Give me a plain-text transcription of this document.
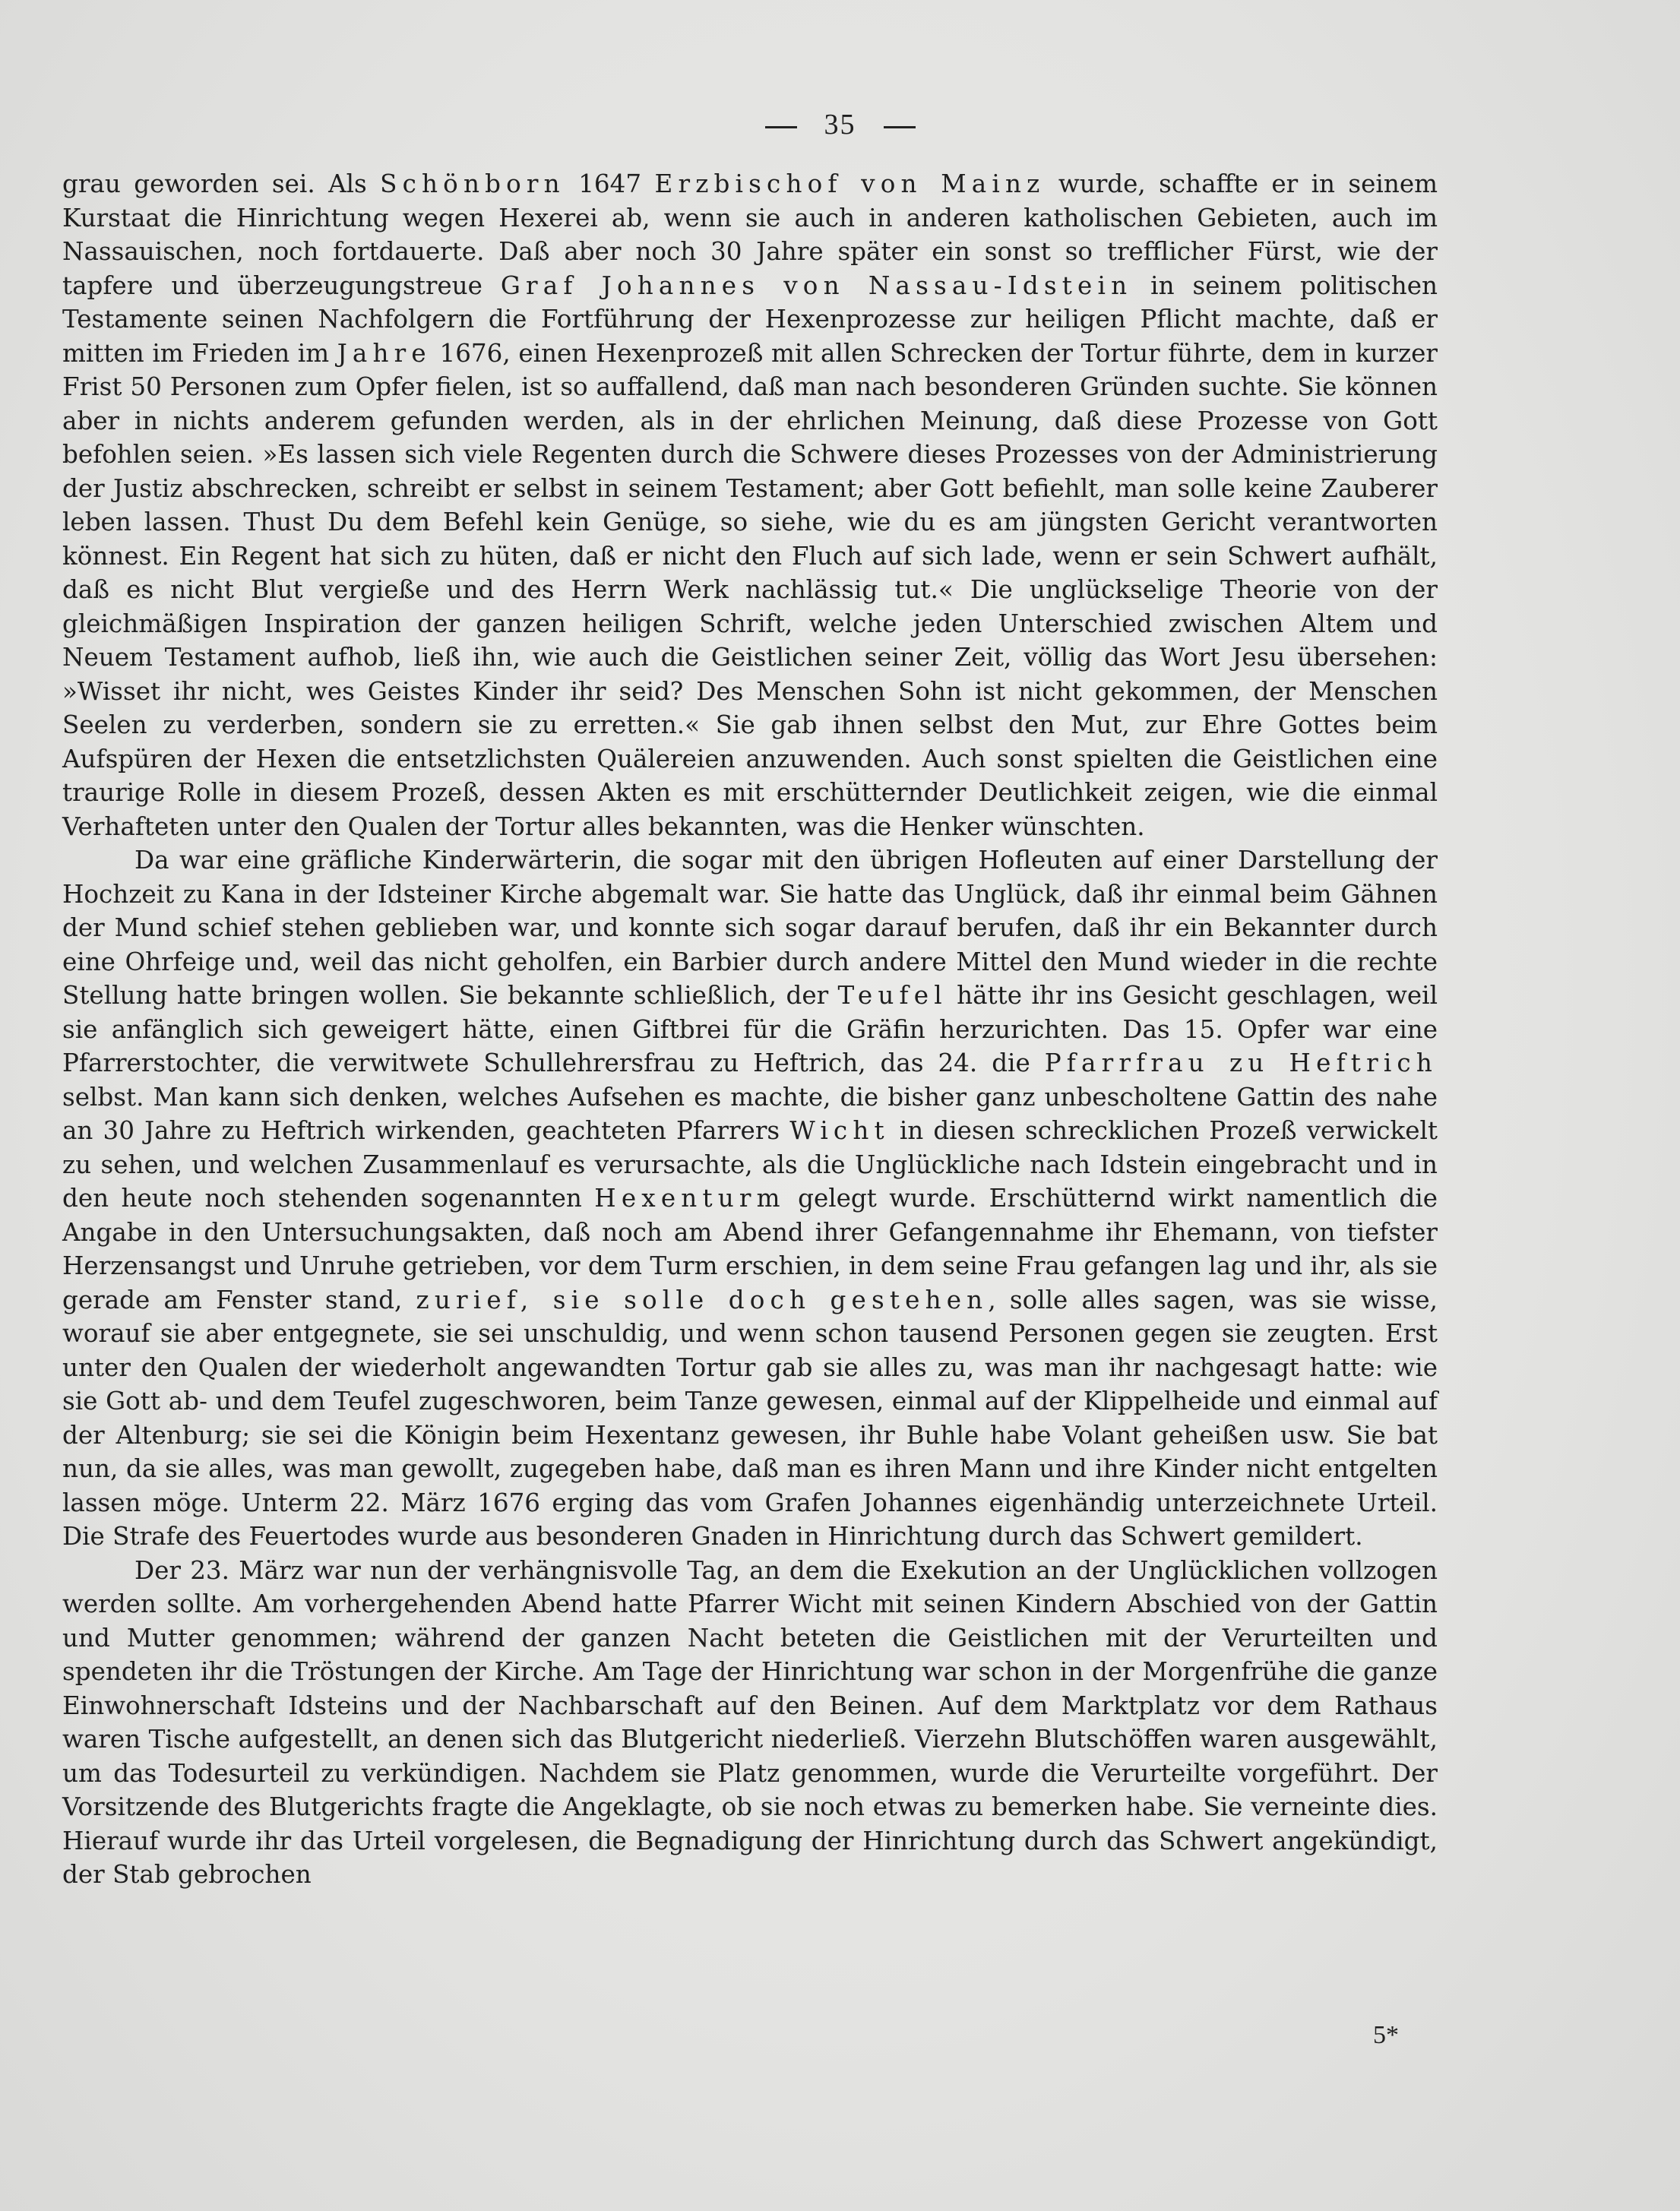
35

grau geworden sei. Als Schönborn 1647 Erzbischof von Mainz wurde, schaffte er in seinem Kurstaat die Hinrichtung wegen Hexerei ab, wenn sie auch in anderen katholischen Gebieten, auch im Nassauischen, noch fortdauerte. Daß aber noch 30 Jahre später ein sonst so trefflicher Fürst, wie der tapfere und überzeugungstreue Graf Johannes von Nassau-Idstein in seinem politischen Testamente seinen Nachfolgern die Fortführung der Hexenprozesse zur heiligen Pflicht machte, daß er mitten im Frieden im Jahre 1676, einen Hexenprozeß mit allen Schrecken der Tortur führte, dem in kurzer Frist 50 Personen zum Opfer fielen, ist so auffallend, daß man nach besonderen Gründen suchte. Sie können aber in nichts anderem gefunden werden, als in der ehrlichen Meinung, daß diese Prozesse von Gott befohlen seien. »Es lassen sich viele Regenten durch die Schwere dieses Prozesses von der Administrierung der Justiz abschrecken, schreibt er selbst in seinem Testament; aber Gott befiehlt, man solle keine Zauberer leben lassen. Thust Du dem Befehl kein Genüge, so siehe, wie du es am jüngsten Gericht verantworten könnest. Ein Regent hat sich zu hüten, daß er nicht den Fluch auf sich lade, wenn er sein Schwert aufhält, daß es nicht Blut vergieße und des Herrn Werk nachlässig tut.« Die unglückselige Theorie von der gleichmäßigen Inspiration der ganzen heiligen Schrift, welche jeden Unterschied zwischen Altem und Neuem Testament aufhob, ließ ihn, wie auch die Geistlichen seiner Zeit, völlig das Wort Jesu übersehen: »Wisset ihr nicht, wes Geistes Kinder ihr seid? Des Menschen Sohn ist nicht gekommen, der Menschen Seelen zu verderben, sondern sie zu erretten.« Sie gab ihnen selbst den Mut, zur Ehre Gottes beim Aufspüren der Hexen die entsetzlichsten Quälereien anzuwenden. Auch sonst spielten die Geistlichen eine traurige Rolle in diesem Prozeß, dessen Akten es mit erschütternder Deutlichkeit zeigen, wie die einmal Verhafteten unter den Qualen der Tortur alles bekannten, was die Henker wünschten.

Da war eine gräfliche Kinderwärterin, die sogar mit den übrigen Hofleuten auf einer Darstellung der Hochzeit zu Kana in der Idsteiner Kirche abgemalt war. Sie hatte das Unglück, daß ihr einmal beim Gähnen der Mund schief stehen geblieben war, und konnte sich sogar darauf berufen, daß ihr ein Bekannter durch eine Ohrfeige und, weil das nicht geholfen, ein Barbier durch andere Mittel den Mund wieder in die rechte Stellung hatte bringen wollen. Sie bekannte schließlich, der Teufel hätte ihr ins Gesicht geschlagen, weil sie anfänglich sich geweigert hätte, einen Giftbrei für die Gräfin herzurichten. Das 15. Opfer war eine Pfarrerstochter, die verwitwete Schullehrersfrau zu Heftrich, das 24. die Pfarrfrau zu Heftrich selbst. Man kann sich denken, welches Aufsehen es machte, die bisher ganz unbescholtene Gattin des nahe an 30 Jahre zu Heftrich wirkenden, geachteten Pfarrers Wicht in diesen schrecklichen Prozeß verwickelt zu sehen, und welchen Zusammenlauf es verursachte, als die Unglückliche nach Idstein eingebracht und in den heute noch stehenden sogenannten Hexenturm gelegt wurde. Erschütternd wirkt namentlich die Angabe in den Untersuchungsakten, daß noch am Abend ihrer Gefangennahme ihr Ehemann, von tiefster Herzensangst und Unruhe getrieben, vor dem Turm erschien, in dem seine Frau gefangen lag und ihr, als sie gerade am Fenster stand, zurief, sie solle doch gestehen, solle alles sagen, was sie wisse, worauf sie aber entgegnete, sie sei unschuldig, und wenn schon tausend Personen gegen sie zeugten. Erst unter den Qualen der wiederholt angewandten Tortur gab sie alles zu, was man ihr nachgesagt hatte: wie sie Gott ab- und dem Teufel zugeschworen, beim Tanze gewesen, einmal auf der Klippelheide und einmal auf der Altenburg; sie sei die Königin beim Hexentanz gewesen, ihr Buhle habe Volant geheißen usw. Sie bat nun, da sie alles, was man gewollt, zugegeben habe, daß man es ihren Mann und ihre Kinder nicht entgelten lassen möge. Unterm 22. März 1676 erging das vom Grafen Johannes eigenhändig unterzeichnete Urteil. Die Strafe des Feuertodes wurde aus besonderen Gnaden in Hinrichtung durch das Schwert gemildert.

Der 23. März war nun der verhängnisvolle Tag, an dem die Exekution an der Unglücklichen vollzogen werden sollte. Am vorhergehenden Abend hatte Pfarrer Wicht mit seinen Kindern Abschied von der Gattin und Mutter genommen; während der ganzen Nacht beteten die Geistlichen mit der Verurteilten und spendeten ihr die Tröstungen der Kirche. Am Tage der Hinrichtung war schon in der Morgenfrühe die ganze Einwohnerschaft Idsteins und der Nachbarschaft auf den Beinen. Auf dem Marktplatz vor dem Rathaus waren Tische aufgestellt, an denen sich das Blutgericht niederließ. Vierzehn Blutschöffen waren ausgewählt, um das Todesurteil zu verkündigen. Nachdem sie Platz genommen, wurde die Verurteilte vorgeführt. Der Vorsitzende des Blutgerichts fragte die Angeklagte, ob sie noch etwas zu bemerken habe. Sie verneinte dies. Hierauf wurde ihr das Urteil vorgelesen, die Begnadigung der Hinrichtung durch das Schwert angekündigt, der Stab gebrochen

5*
